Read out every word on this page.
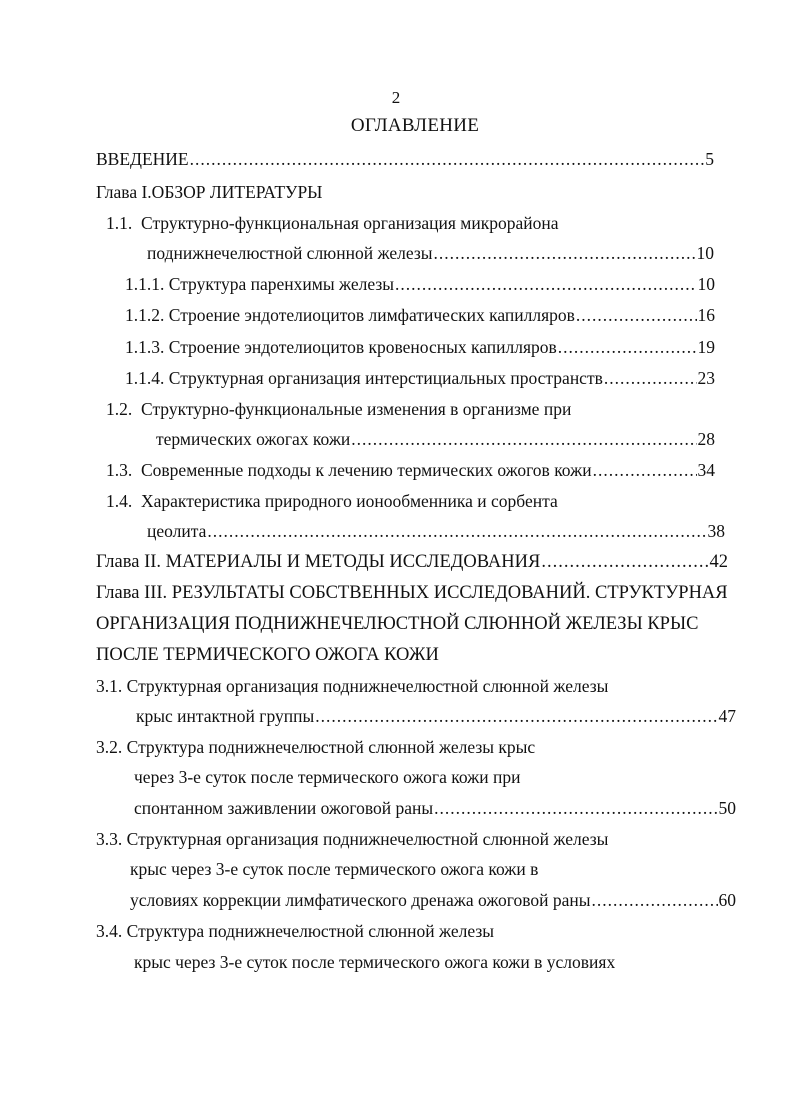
2
ОГЛАВЛЕНИЕ
ВВЕДЕНИЕ .....	5
Глава I.ОБЗОР ЛИТЕРАТУРЫ
1.1.  Структурно-функциональная организация микрорайона
поднижнечелюстной слюнной железы .....	10
1.1.1. Структура паренхимы железы .....	10
1.1.2. Строение эндотелиоцитов лимфатических капилляров .....	16
1.1.3. Строение эндотелиоцитов кровеносных капилляров .....	19
1.1.4. Структурная организация интерстициальных пространств .....	23
1.2.  Структурно-функциональные изменения в организме при
термических ожогах кожи .....	28
1.3.  Современные подходы к лечению термических ожогов кожи .....	34
1.4.  Характеристика природного ионообменника и сорбента
цеолита .....	38
Глава II. МАТЕРИАЛЫ И МЕТОДЫ ИССЛЕДОВАНИЯ .....	42
Глава III. РЕЗУЛЬТАТЫ СОБСТВЕННЫХ ИССЛЕДОВАНИЙ. СТРУКТУРНАЯ
ОРГАНИЗАЦИЯ ПОДНИЖНЕЧЕЛЮСТНОЙ СЛЮННОЙ ЖЕЛЕЗЫ КРЫС
ПОСЛЕ ТЕРМИЧЕСКОГО ОЖОГА КОЖИ
3.1. Структурная организация поднижнечелюстной слюнной железы
крыс интактной группы .....	47
3.2. Структура поднижнечелюстной слюнной железы крыс
через 3-е суток после термического ожога кожи при
спонтанном заживлении ожоговой раны .....	50
3.3. Структурная организация поднижнечелюстной слюнной железы
крыс через 3-е суток после термического ожога кожи в
условиях коррекции лимфатического дренажа ожоговой раны .....	60
3.4. Структура поднижнечелюстной слюнной железы
крыс через 3-е суток после термического ожога кожи в условиях
